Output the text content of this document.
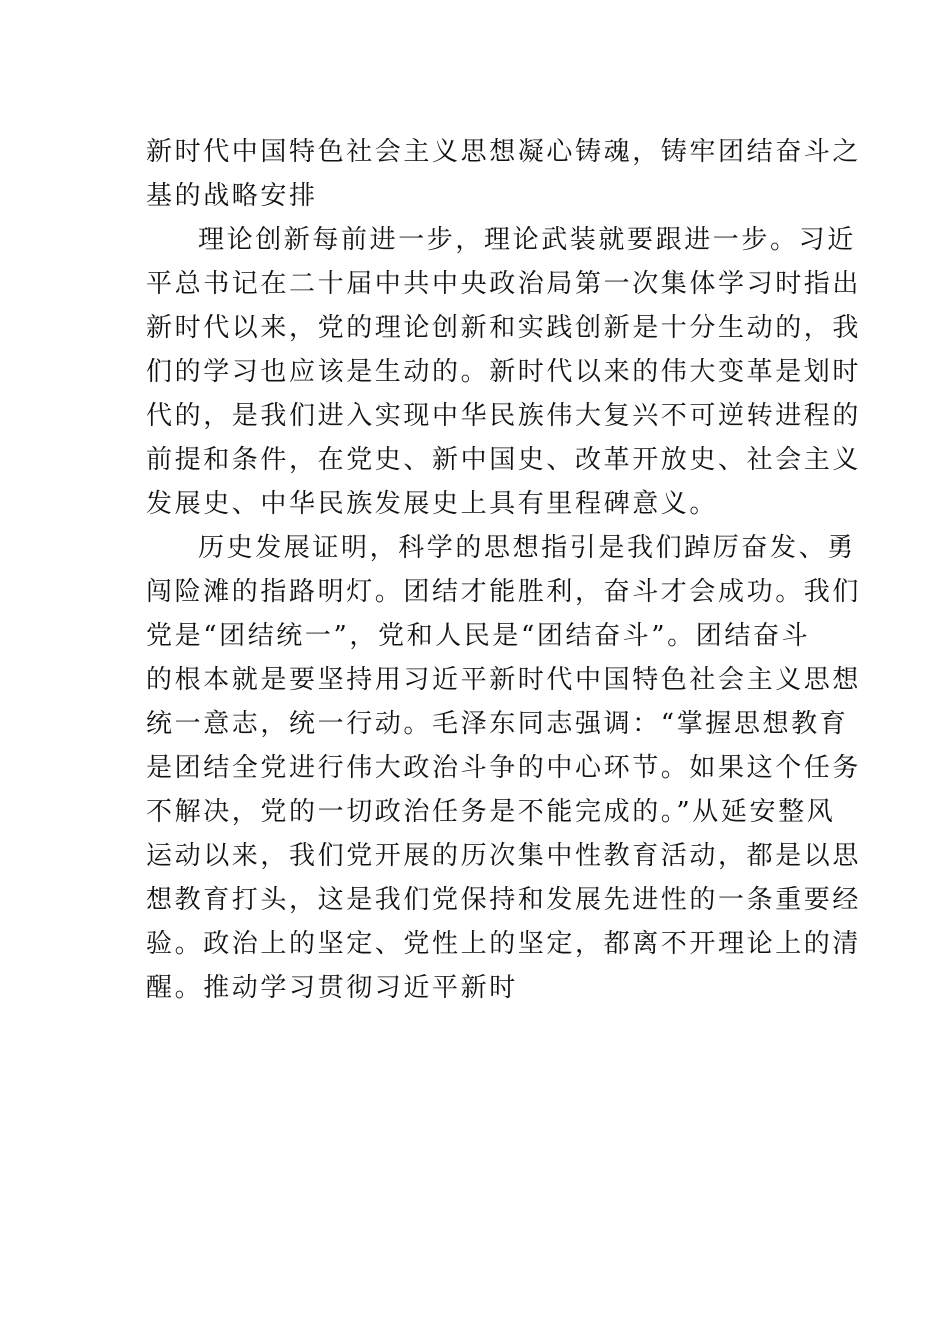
新时代中国特色社会主义思想凝心铸魂，铸牢团结奋斗之
基的战略安排
理论创新每前进一步，理论武装就要跟进一步。习近
平总书记在二十届中共中央政治局第一次集体学习时指出
新时代以来，党的理论创新和实践创新是十分生动的，我
们的学习也应该是生动的。新时代以来的伟大变革是划时
代的，是我们进入实现中华民族伟大复兴不可逆转进程的
前提和条件，在党史、新中国史、改革开放史、社会主义
发展史、中华民族发展史上具有里程碑意义。
历史发展证明，科学的思想指引是我们踔厉奋发、勇
闯险滩的指路明灯。团结才能胜利，奋斗才会成功。我们
党是“团结统一”，党和人民是“团结奋斗”。团结奋斗
的根本就是要坚持用习近平新时代中国特色社会主义思想
统一意志，统一行动。毛泽东同志强调：“掌握思想教育
是团结全党进行伟大政治斗争的中心环节。如果这个任务
不解决，党的一切政治任务是不能完成的。”从延安整风
运动以来，我们党开展的历次集中性教育活动，都是以思
想教育打头，这是我们党保持和发展先进性的一条重要经
验。政治上的坚定、党性上的坚定，都离不开理论上的清
醒。推动学习贯彻习近平新时
